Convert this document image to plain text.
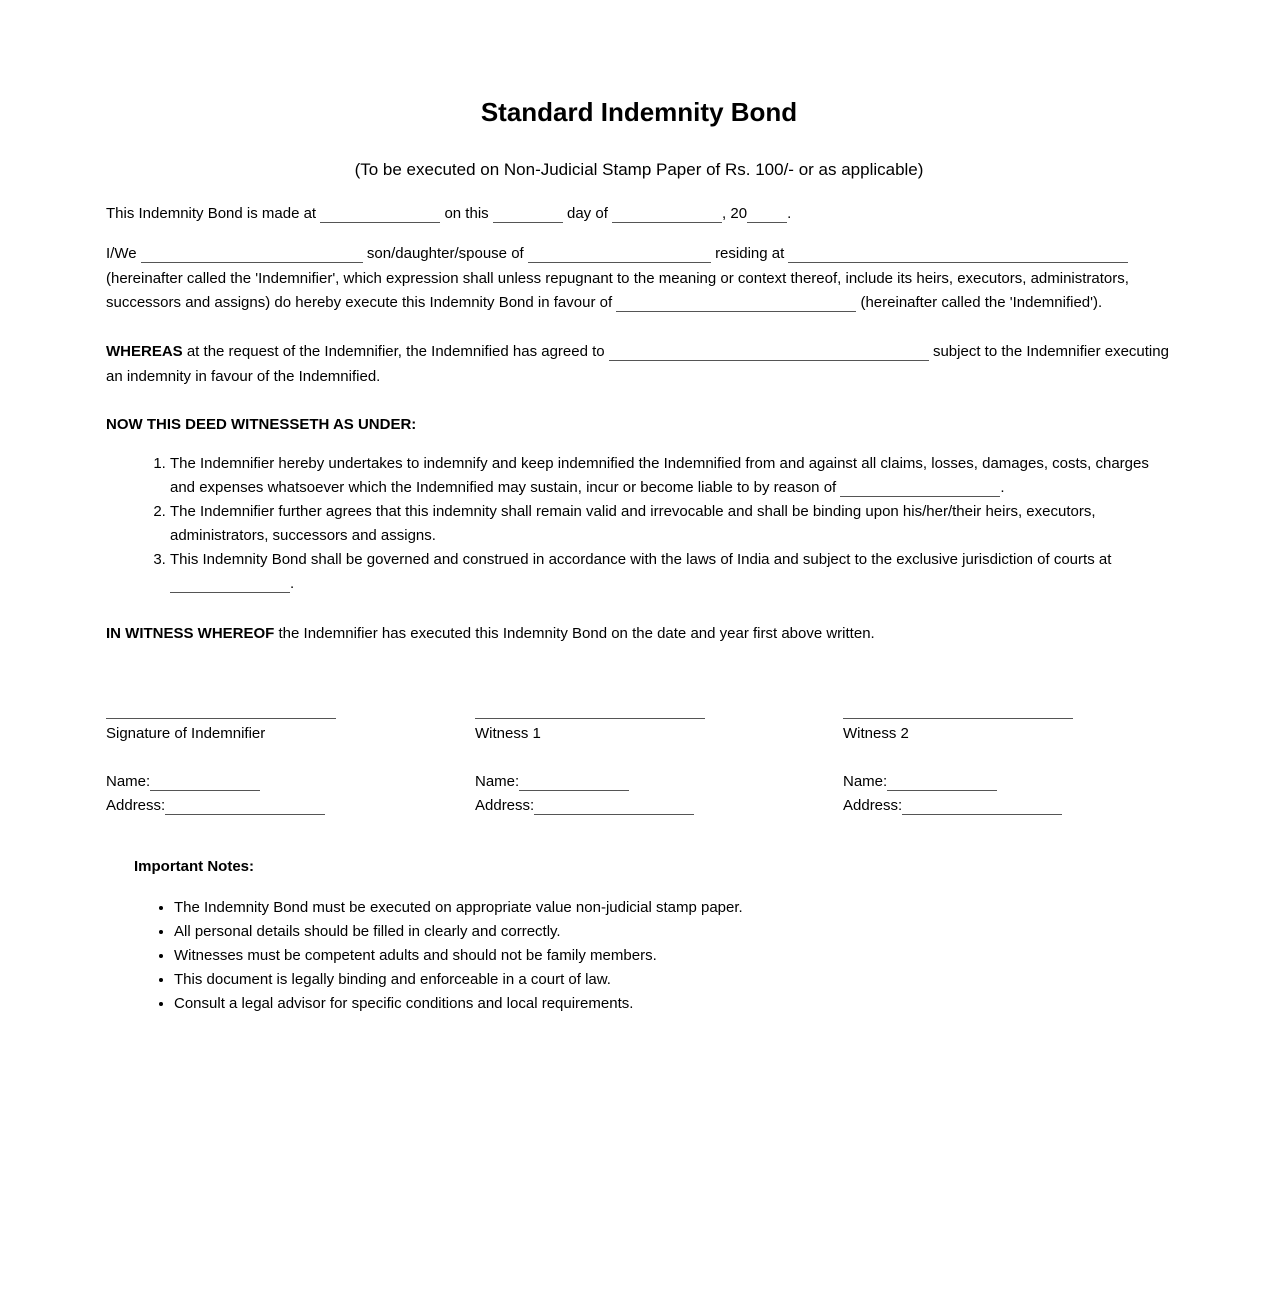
Standard Indemnity Bond
(To be executed on Non-Judicial Stamp Paper of Rs. 100/- or as applicable)

This Indemnity Bond is made at	on this	day of	, 20	.

I/We	son/daughter/spouse of	residing at  (hereinafter called the 'Indemnifier', which expression shall unless repugnant to the meaning or context thereof, include its heirs, executors, administrators, successors and assigns) do hereby execute this Indemnity Bond in favour of	(hereinafter called the 'Indemnified').

WHEREAS at the request of the Indemnifier, the Indemnified has agreed to	subject to the Indemnifier executing an indemnity in favour of the Indemnified.

NOW THIS DEED WITNESSETH AS UNDER:

1. The Indemnifier hereby undertakes to indemnify and keep indemnified the Indemnified from and against all claims, losses, damages, costs, charges and expenses whatsoever which the Indemnified may sustain, incur or become liable to by reason of	.
2. The Indemnifier further agrees that this indemnity shall remain valid and irrevocable and shall be binding upon his/her/their heirs, executors, administrators, successors and assigns.
3. This Indemnity Bond shall be governed and construed in accordance with the laws of India and subject to the exclusive jurisdiction of courts at
.

IN WITNESS WHEREOF the Indemnifier has executed this Indemnity Bond on the date and year first above written.

Signature of Indemnifier
Name:
Address:
Witness 1
Name:
Address:
Witness 2
Name:
Address:
Important Notes:
• The Indemnity Bond must be executed on appropriate value non-judicial stamp paper.
• All personal details should be filled in clearly and correctly.
• Witnesses must be competent adults and should not be family members.
• This document is legally binding and enforceable in a court of law.
• Consult a legal advisor for specific conditions and local requirements.
